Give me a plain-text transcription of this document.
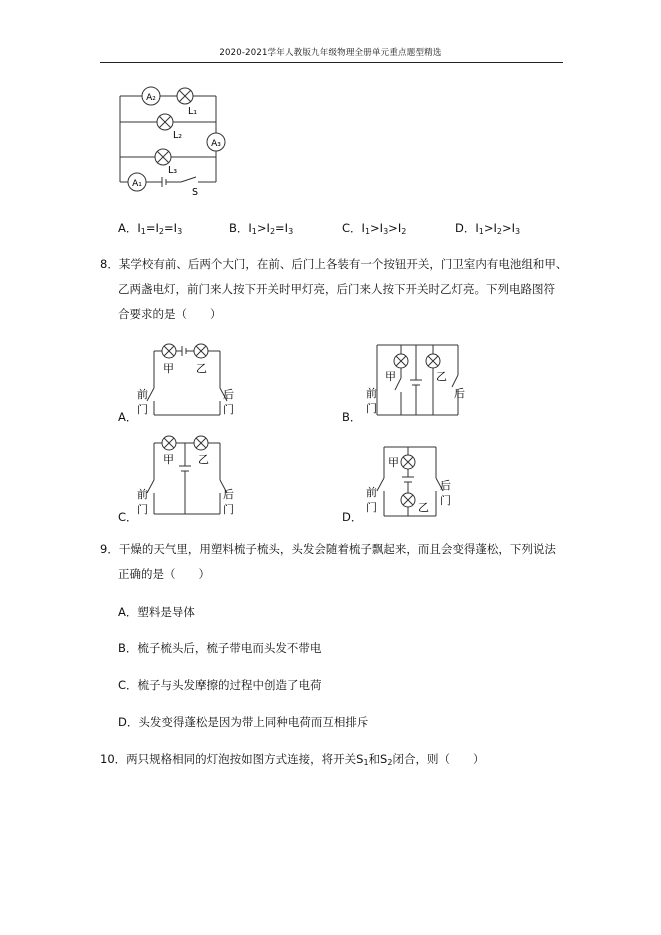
2020-2021学年人教版九年级物理全册单元重点题型精选
A₂
L₁
L₂
A₃
L₃
A₁
S
A．$I_1=I_2=I_3$	B．$I_1>I_2=I_3$	C．$I_1>I_3>I_2$	D．$I_1>I_2>I_3$
8．某学校有前、后两个大门，在前、后门上各装有一个按钮开关，门卫室内有电池组和甲、
乙两盏电灯，前门来人按下开关时甲灯亮，后门来人按下开关时乙灯亮。下列电路图符
合要求的是（　　）
甲 乙
前
门
后
门
甲	乙
前
门
后
甲 乙
前
门
后
门
甲
乙
前
门
后
门
A．	B．
C．	D．
9．干燥的天气里，用塑料梳子梳头，头发会随着梳子飘起来，而且会变得蓬松，下列说法
正确的是（　　）
A．塑料是导体
B．梳子梳头后，梳子带电而头发不带电
C．梳子与头发摩擦的过程中创造了电荷
D．头发变得蓬松是因为带上同种电荷而互相排斥
10．两只规格相同的灯泡按如图方式连接，将开关$S_1$和$S_2$闭合，则（　　）
